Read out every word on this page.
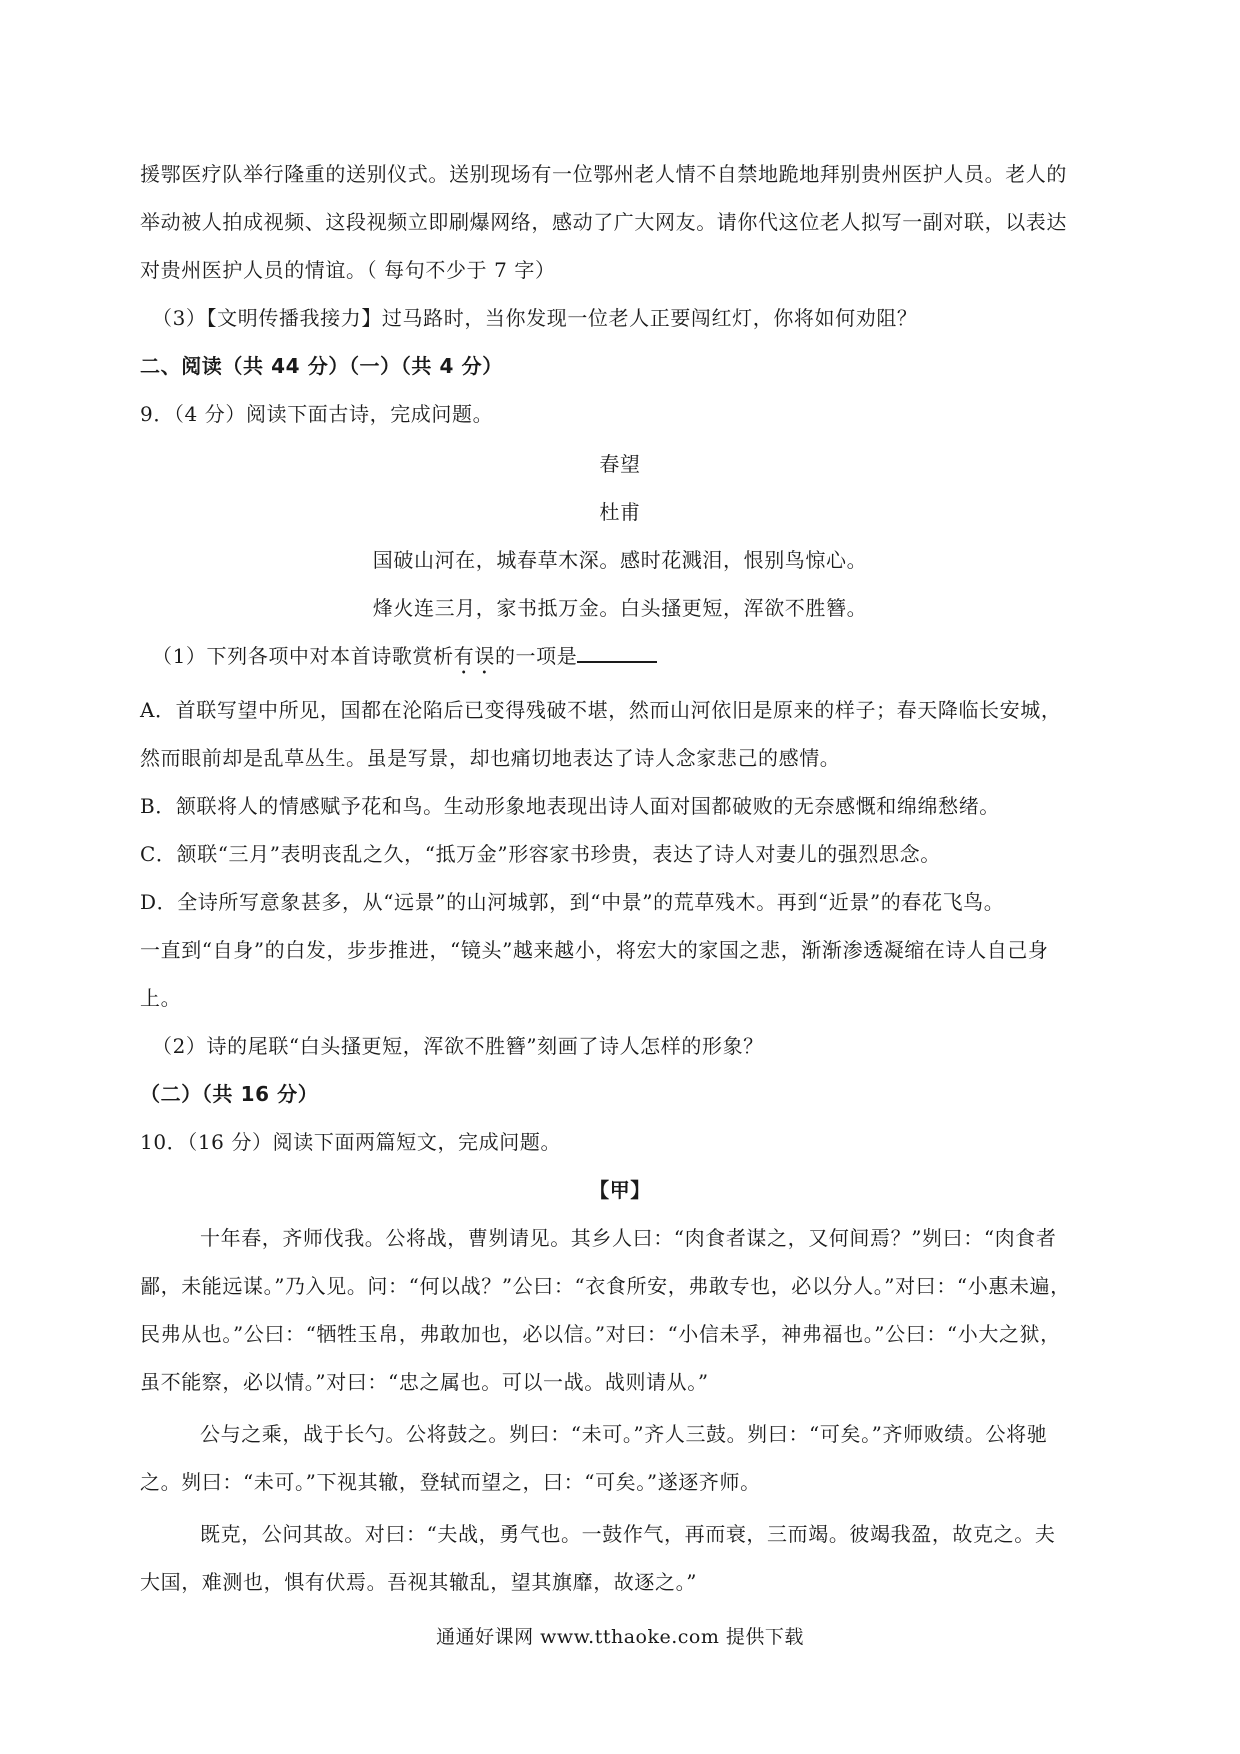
援鄂医疗队举行隆重的送别仪式。送别现场有一位鄂州老人情不自禁地跪地拜别贵州医护人员。老人的
举动被人拍成视频、这段视频立即刷爆网络，感动了广大网友。请你代这位老人拟写一副对联，以表达
对贵州医护人员的情谊。（ 每句不少于 7 字）
（3）【文明传播我接力】过马路时，当你发现一位老人正要闯红灯，你将如何劝阻？
二、阅读（共 44 分）（一）（共 4 分）
9．（4 分）阅读下面古诗，完成问题。
春望
杜甫
国破山河在，城春草木深。感时花溅泪，恨别鸟惊心。
烽火连三月，家书抵万金。白头搔更短，浑欲不胜簪。
（1）下列各项中对本首诗歌赏析有误的一项是
A．首联写望中所见，国都在沦陷后已变得残破不堪，然而山河依旧是原来的样子；春天降临长安城，
然而眼前却是乱草丛生。虽是写景，却也痛切地表达了诗人念家悲己的感情。
B．颔联将人的情感赋予花和鸟。生动形象地表现出诗人面对国都破败的无奈感慨和绵绵愁绪。
C．颔联“三月”表明丧乱之久，“抵万金”形容家书珍贵，表达了诗人对妻儿的强烈思念。
D．全诗所写意象甚多，从“远景”的山河城郭，到“中景”的荒草残木。再到“近景”的春花飞鸟。
一直到“自身”的白发，步步推进，“镜头”越来越小，将宏大的家国之悲，渐渐渗透凝缩在诗人自己身
上。
（2）诗的尾联“白头搔更短，浑欲不胜簪”刻画了诗人怎样的形象？
（二）（共 16 分）
10．（16 分）阅读下面两篇短文，完成问题。
【甲】
十年春，齐师伐我。公将战，曹刿请见。其乡人曰：“肉食者谋之，又何间焉？”刿曰：“肉食者
鄙，未能远谋。”乃入见。问：“何以战？”公曰：“衣食所安，弗敢专也，必以分人。”对曰：“小惠未遍，
民弗从也。”公曰：“牺牲玉帛，弗敢加也，必以信。”对曰：“小信未孚，神弗福也。”公曰：“小大之狱，
虽不能察，必以情。”对曰：“忠之属也。可以一战。战则请从。”
公与之乘，战于长勺。公将鼓之。刿曰：“未可。”齐人三鼓。刿曰：“可矣。”齐师败绩。公将驰
之。刿曰：“未可。”下视其辙，登轼而望之，曰：“可矣。”遂逐齐师。
既克，公问其故。对曰：“夫战，勇气也。一鼓作气，再而衰，三而竭。彼竭我盈，故克之。夫
大国，难测也，惧有伏焉。吾视其辙乱，望其旗靡，故逐之。”
通通好课网 www.tthaoke.com 提供下载
